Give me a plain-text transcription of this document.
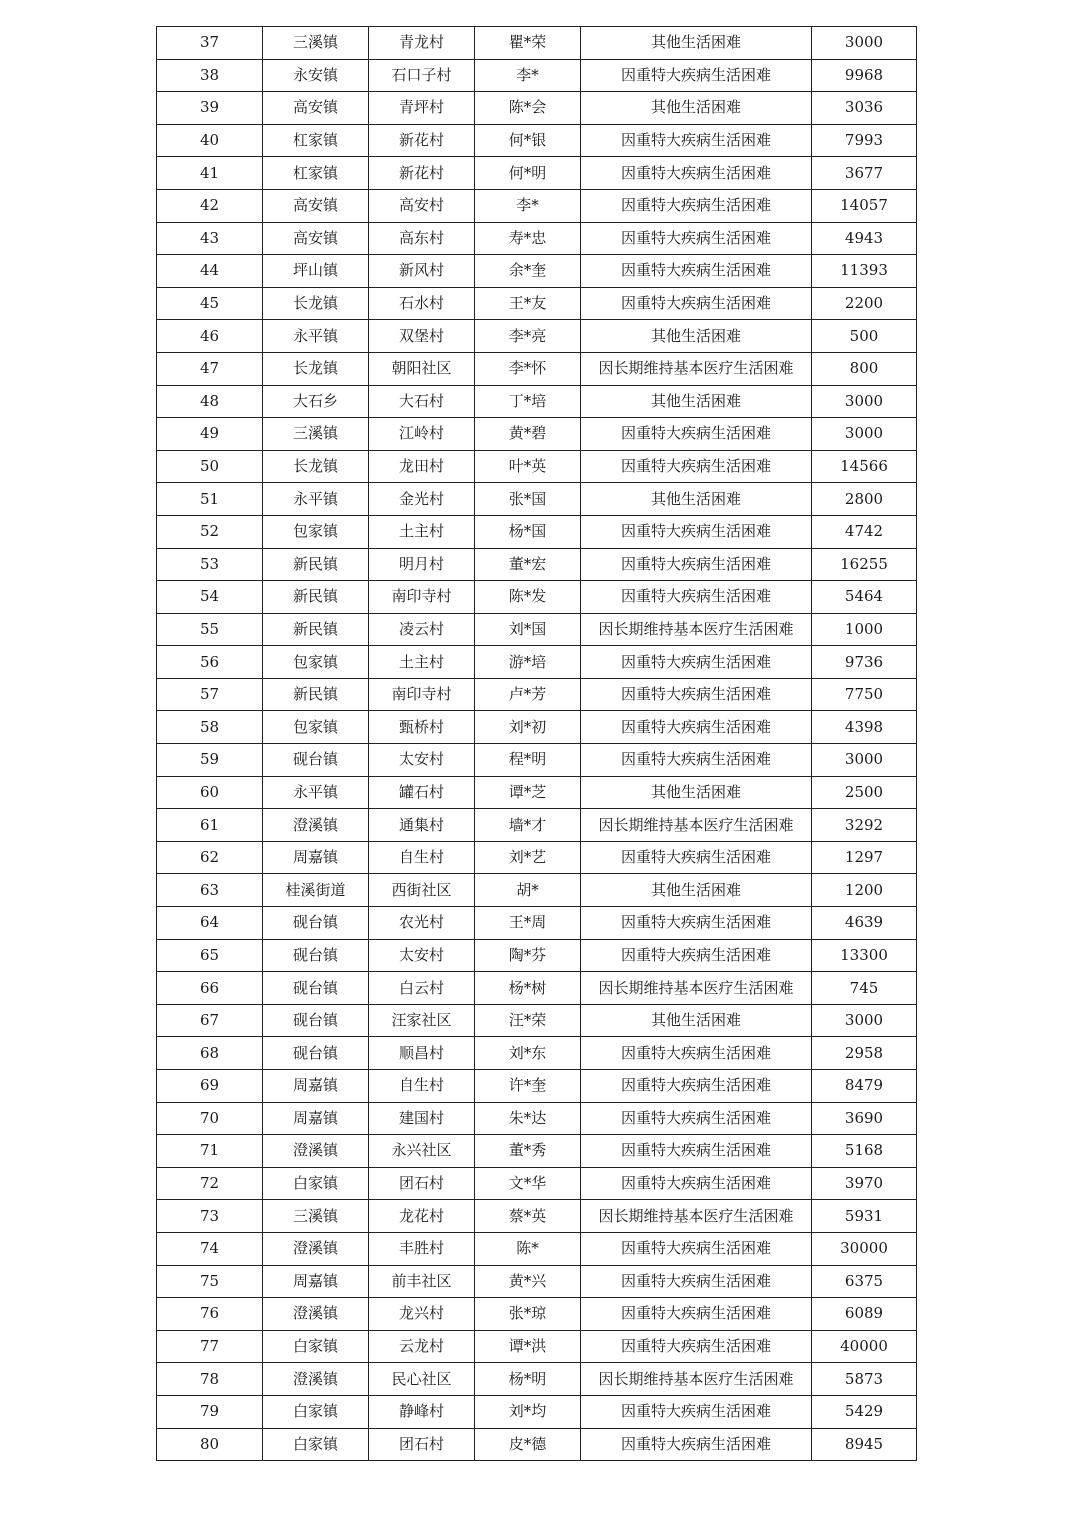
37	三溪镇	青龙村	瞿*荣	其他生活困难	3000
38	永安镇	石口子村	李*	因重特大疾病生活困难	9968
39	高安镇	青坪村	陈*会	其他生活困难	3036
40	杠家镇	新花村	何*银	因重特大疾病生活困难	7993
41	杠家镇	新花村	何*明	因重特大疾病生活困难	3677
42	高安镇	高安村	李*	因重特大疾病生活困难	14057
43	高安镇	高东村	寿*忠	因重特大疾病生活困难	4943
44	坪山镇	新风村	余*奎	因重特大疾病生活困难	11393
45	长龙镇	石水村	王*友	因重特大疾病生活困难	2200
46	永平镇	双堡村	李*亮	其他生活困难	500
47	长龙镇	朝阳社区	李*怀	因长期维持基本医疗生活困难	800
48	大石乡	大石村	丁*培	其他生活困难	3000
49	三溪镇	江岭村	黄*碧	因重特大疾病生活困难	3000
50	长龙镇	龙田村	叶*英	因重特大疾病生活困难	14566
51	永平镇	金光村	张*国	其他生活困难	2800
52	包家镇	土主村	杨*国	因重特大疾病生活困难	4742
53	新民镇	明月村	董*宏	因重特大疾病生活困难	16255
54	新民镇	南印寺村	陈*发	因重特大疾病生活困难	5464
55	新民镇	凌云村	刘*国	因长期维持基本医疗生活困难	1000
56	包家镇	土主村	游*培	因重特大疾病生活困难	9736
57	新民镇	南印寺村	卢*芳	因重特大疾病生活困难	7750
58	包家镇	甄桥村	刘*初	因重特大疾病生活困难	4398
59	砚台镇	太安村	程*明	因重特大疾病生活困难	3000
60	永平镇	罐石村	谭*芝	其他生活困难	2500
61	澄溪镇	通集村	墙*才	因长期维持基本医疗生活困难	3292
62	周嘉镇	自生村	刘*艺	因重特大疾病生活困难	1297
63	桂溪街道	西街社区	胡*	其他生活困难	1200
64	砚台镇	农光村	王*周	因重特大疾病生活困难	4639
65	砚台镇	太安村	陶*芬	因重特大疾病生活困难	13300
66	砚台镇	白云村	杨*树	因长期维持基本医疗生活困难	745
67	砚台镇	汪家社区	汪*荣	其他生活困难	3000
68	砚台镇	顺昌村	刘*东	因重特大疾病生活困难	2958
69	周嘉镇	自生村	许*奎	因重特大疾病生活困难	8479
70	周嘉镇	建国村	朱*达	因重特大疾病生活困难	3690
71	澄溪镇	永兴社区	董*秀	因重特大疾病生活困难	5168
72	白家镇	团石村	文*华	因重特大疾病生活困难	3970
73	三溪镇	龙花村	蔡*英	因长期维持基本医疗生活困难	5931
74	澄溪镇	丰胜村	陈*	因重特大疾病生活困难	30000
75	周嘉镇	前丰社区	黄*兴	因重特大疾病生活困难	6375
76	澄溪镇	龙兴村	张*琼	因重特大疾病生活困难	6089
77	白家镇	云龙村	谭*洪	因重特大疾病生活困难	40000
78	澄溪镇	民心社区	杨*明	因长期维持基本医疗生活困难	5873
79	白家镇	静峰村	刘*均	因重特大疾病生活困难	5429
80	白家镇	团石村	皮*德	因重特大疾病生活困难	8945
